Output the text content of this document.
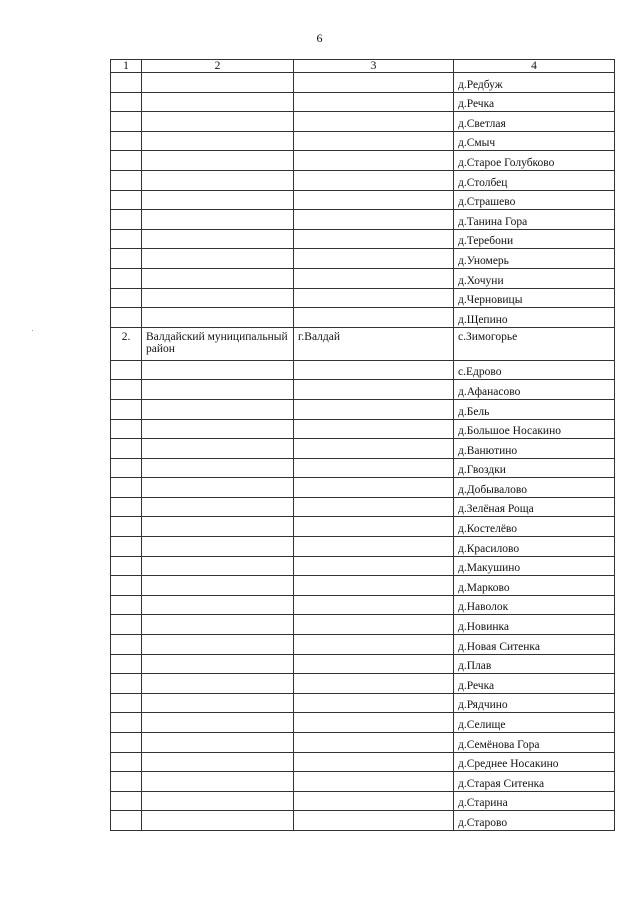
6
1	2	3	4
			д.Редбуж
			д.Речка
			д.Светлая
			д.Смыч
			д.Старое Голубково
			д.Столбец
			д.Страшево
			д.Танина Гора
			д.Теребони
			д.Уномерь
			д.Хочуни
			д.Черновицы
			д.Щепино
2.	Валдайский муниципальный район	г.Валдай	с.Зимогорье
			с.Едрово
			д.Афанасово
			д.Бель
			д.Большое Носакино
			д.Ванютино
			д.Гвоздки
			д.Добывалово
			д.Зелёная Роща
			д.Костелёво
			д.Красилово
			д.Макушино
			д.Марково
			д.Наволок
			д.Новинка
			д.Новая Ситенка
			д.Плав
			д.Речка
			д.Рядчино
			д.Селище
			д.Семёнова Гора
			д.Среднее Носакино
			д.Старая Ситенка
			д.Старина
			д.Старово
